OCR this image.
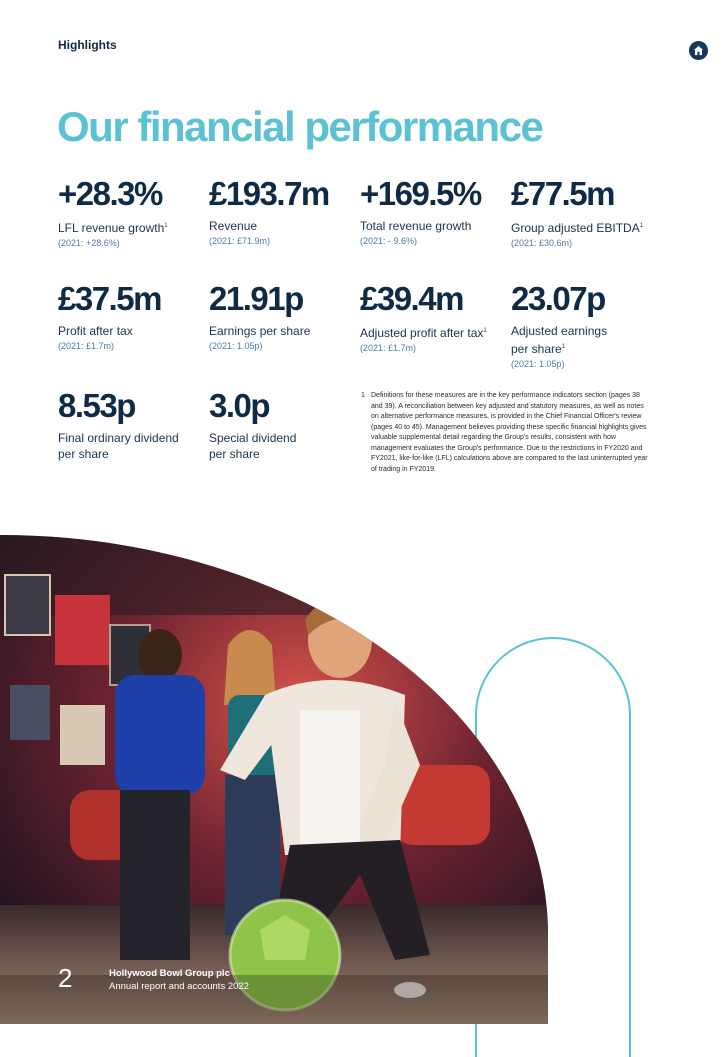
Highlights
Our financial performance
+28.3%
LFL revenue growth$^1$
(2021: +28.6%)
£193.7m
Revenue
(2021: £71.9m)
+169.5%
Total revenue growth
(2021: - 9.6%)
£77.5m
Group adjusted EBITDA$^1$
(2021: £30.6m)
£37.5m
Profit after tax
(2021: £1.7m)
21.91p
Earnings per share
(2021: 1.05p)
£39.4m
Adjusted profit after tax$^1$
(2021: £1.7m)
23.07p
Adjusted earnings per share$^1$
(2021: 1.05p)
8.53p
Final ordinary dividend per share
3.0p
Special dividend per share
1 Definitions for these measures are in the key performance indicators section (pages 38 and 39). A reconciliation between key adjusted and statutory measures, as well as notes on alternative performance measures, is provided in the Chief Financial Officer's review (pages 40 to 45). Management believes providing these specific financial highlights gives valuable supplemental detail regarding the Group's results, consistent with how management evaluates the Group's performance. Due to the restrictions in FY2020 and FY2021, like-for-like (LFL) calculations above are compared to the last uninterrupted year of trading in FY2019.
2	Hollywood Bowl Group plc
Annual report and accounts 2022
